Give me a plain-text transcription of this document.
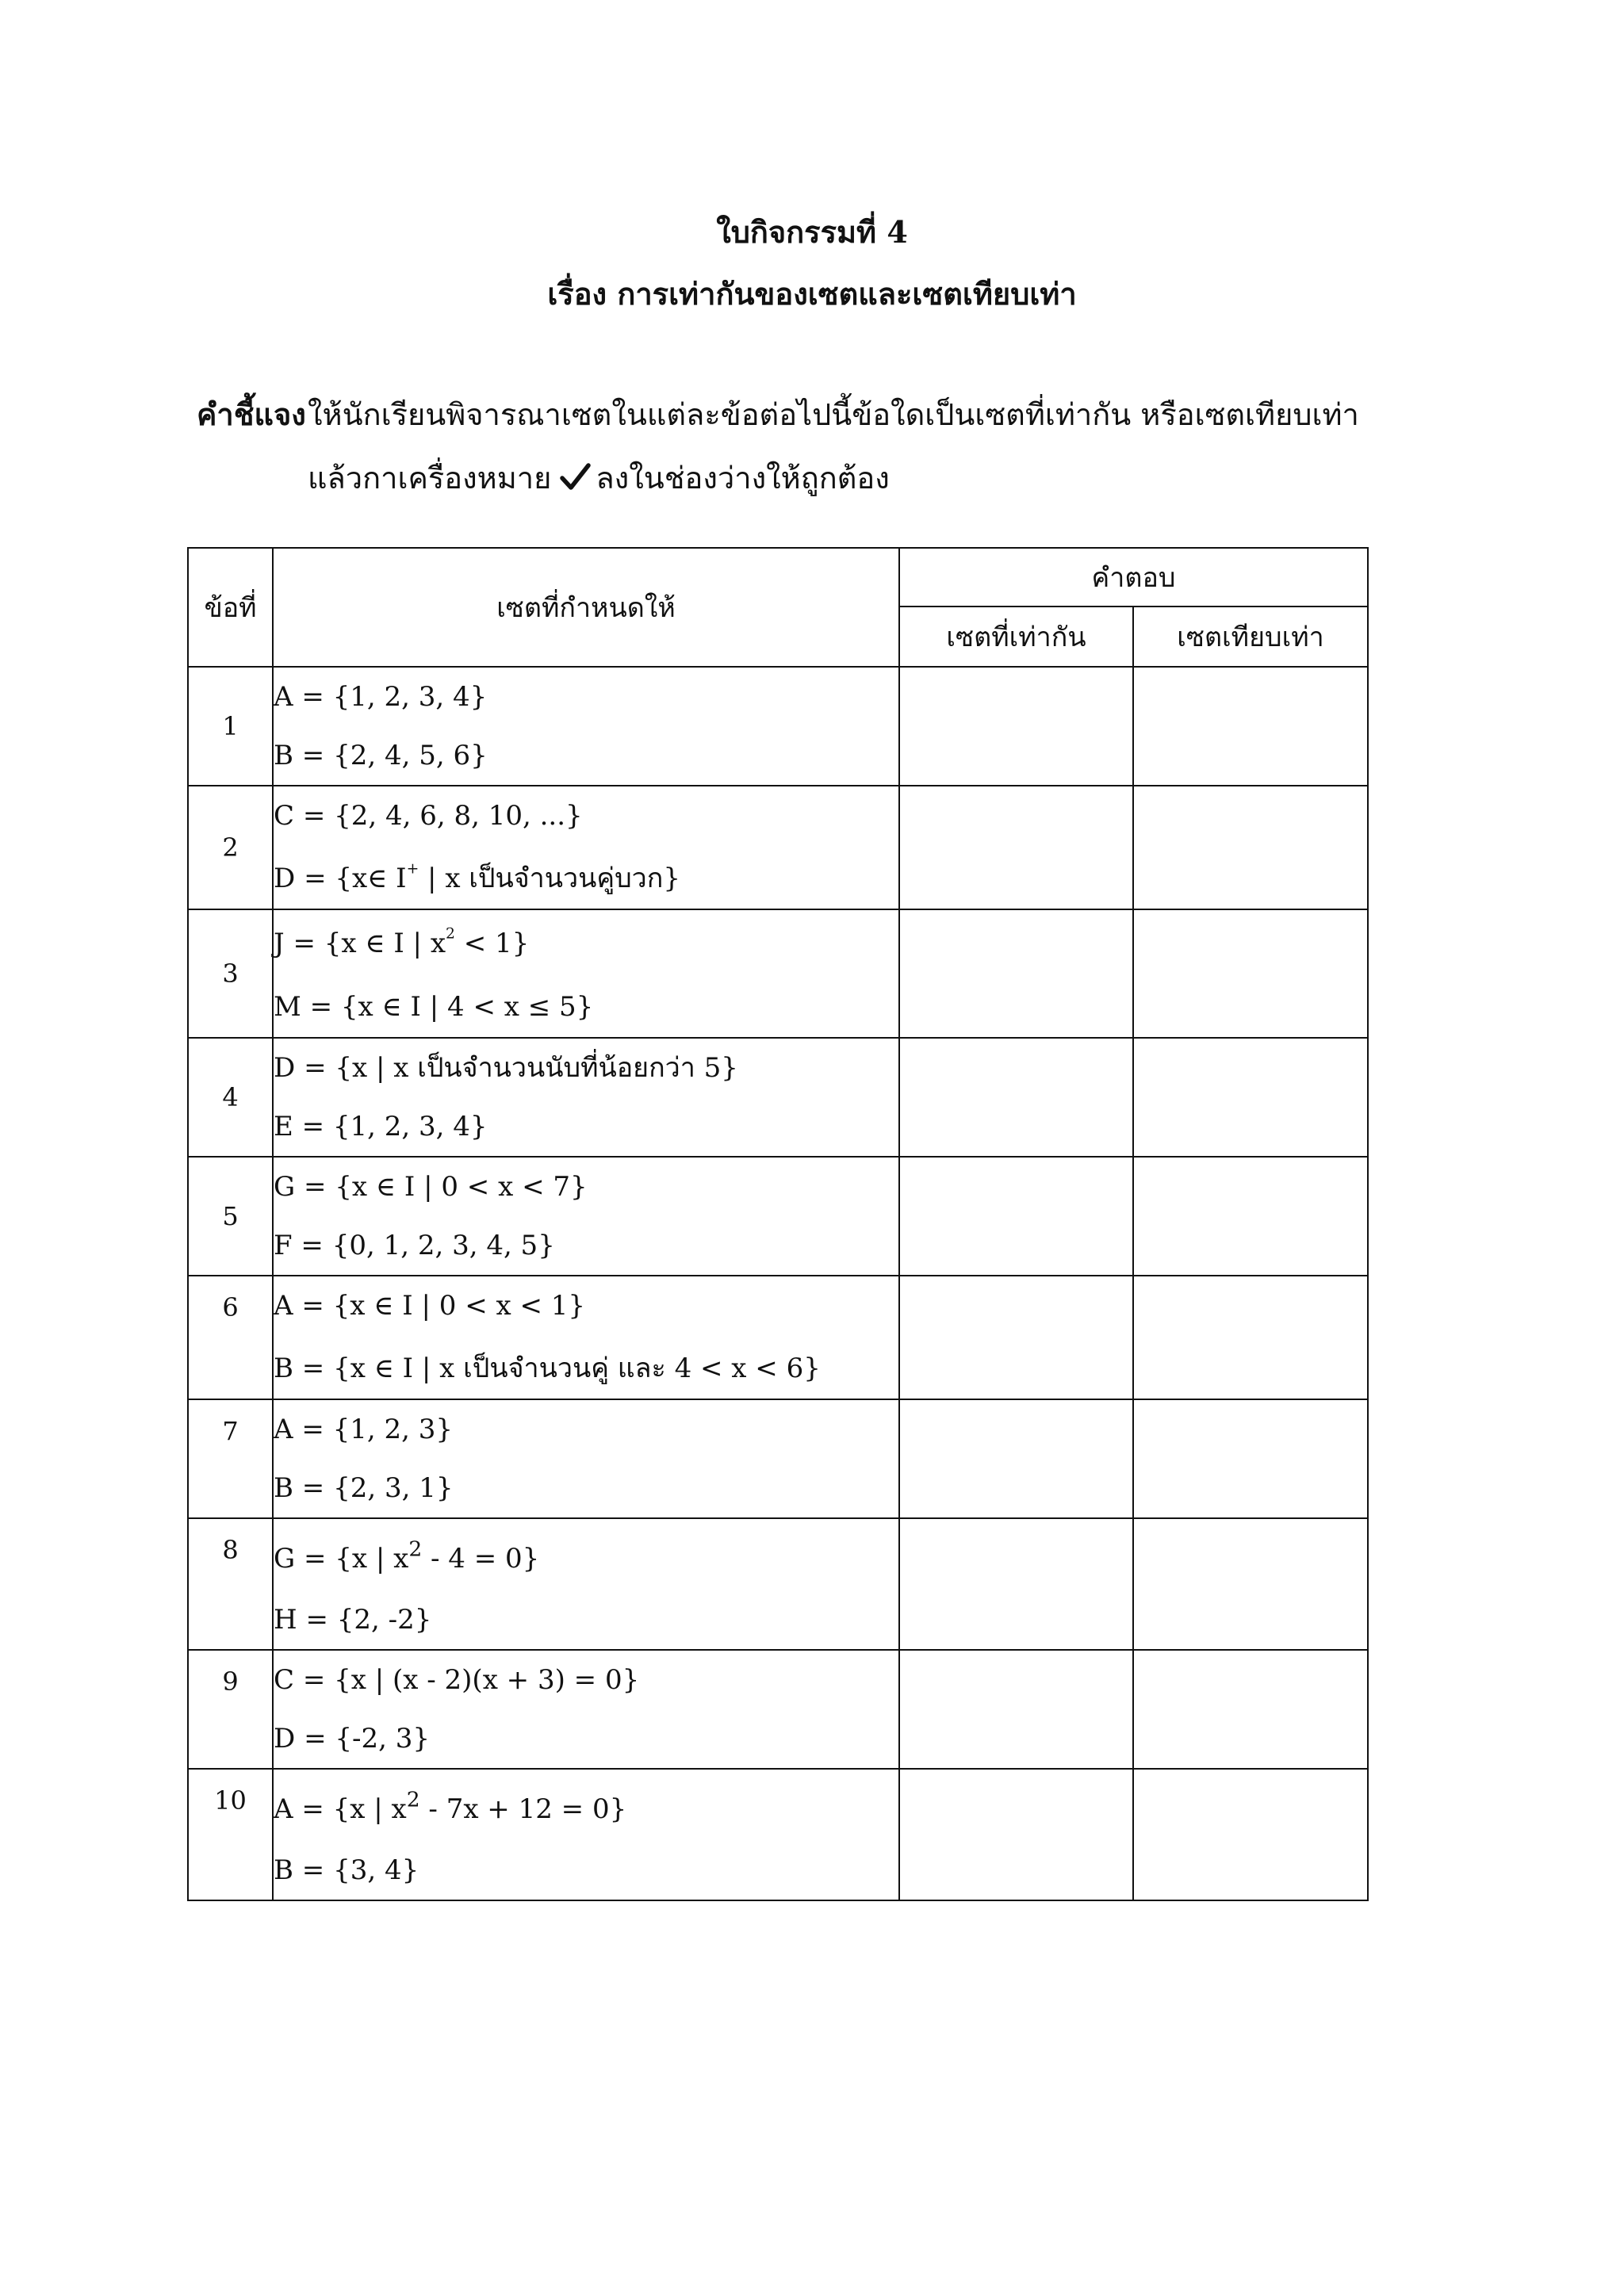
ใบกิจกรรมที่ 4
เรื่อง การเท่ากันของเซตและเซตเทียบเท่า
คำชี้แจง ให้นักเรียนพิจารณาเซตในแต่ละข้อต่อไปนี้ข้อใดเป็นเซตที่เท่ากัน หรือเซตเทียบเท่า
แล้วกาเครื่องหมาย ลงในช่องว่างให้ถูกต้อง
ข้อที่	เซตที่กำหนดให้	คำตอบ	
		เซตที่เท่ากัน	เซตเทียบเท่า
1	A = {1, 2, 3, 4}
B = {2, 4, 5, 6}		

2	C = {2, 4, 6, 8, 10, ...}
D = {x∈ I+ | x เป็นจำนวนคู่บวก}		

3	J = {x ∈ I | $x^2 < 1$}
M = {x ∈ I | 4 < x ≤ 5}		

4	D = {x | x เป็นจำนวนนับที่น้อยกว่า 5}
E = {1, 2, 3, 4}		

5	G = {x ∈ I | 0 < x < 7}
F = {0, 1, 2, 3, 4, 5}		

6	A = {x ∈ I | 0 < x < 1}
B = {x ∈ I | x เป็นจำนวนคู่ และ 4 < x < 6}		

7	A = {1, 2, 3}
B = {2, 3, 1}		

8	G = {x | $x^2 - 4 = 0$}
H = {2, -2}		

9	C = {x | (x - 2)(x + 3) = 0}
D = {-2, 3}		

10	A = {x | $x^2 - 7x + 12 = 0$}
B = {3, 4}		
